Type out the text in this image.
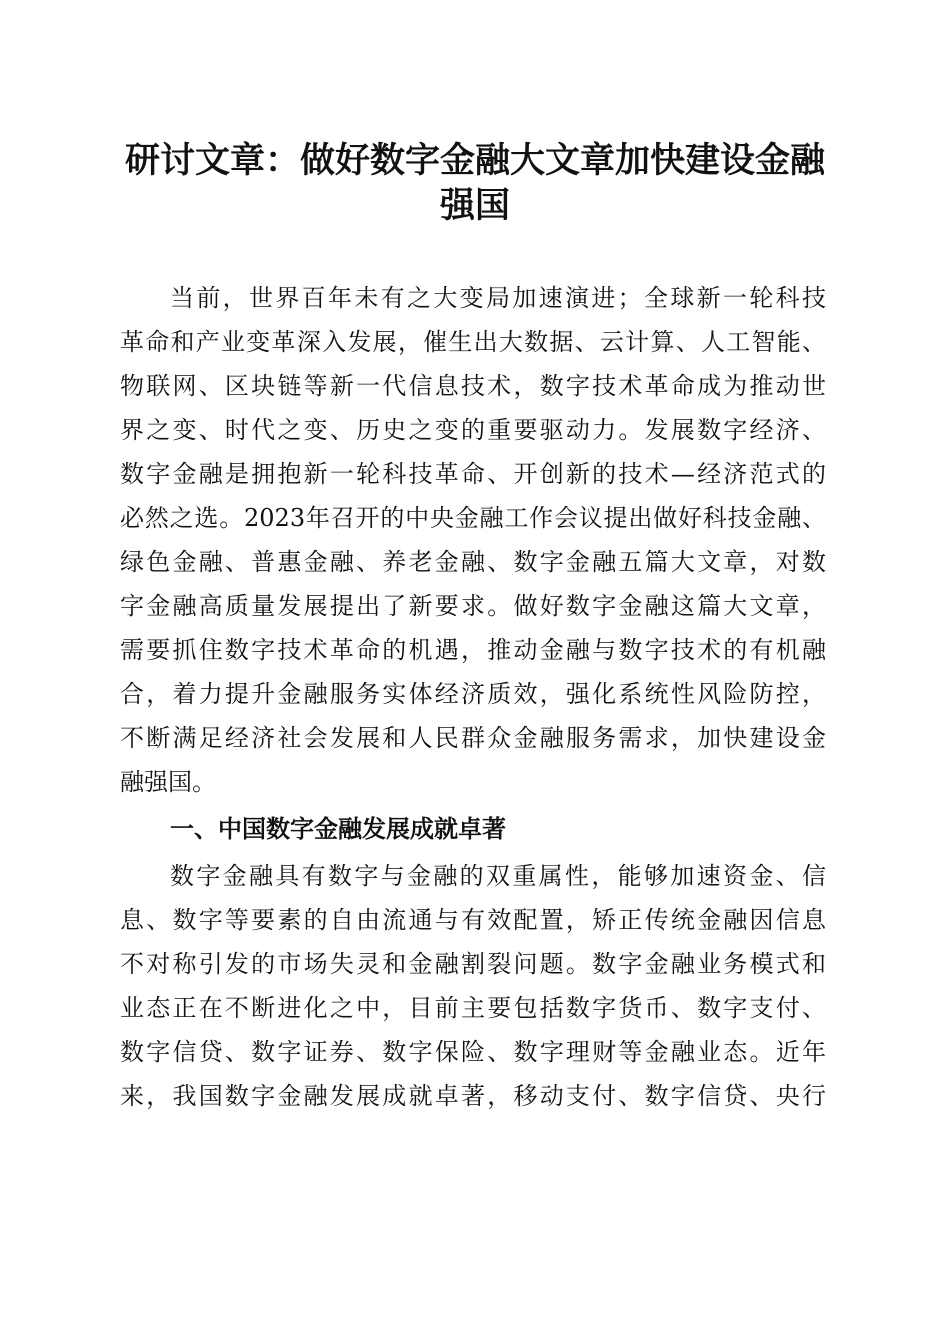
研讨文章：做好数字金融大文章加快建设金融
强国
当前，世界百年未有之大变局加速演进；全球新一轮科技
革命和产业变革深入发展，催生出大数据、云计算、人工智能、
物联网、区块链等新一代信息技术，数字技术革命成为推动世
界之变、时代之变、历史之变的重要驱动力。发展数字经济、
数字金融是拥抱新一轮科技革命、开创新的技术—经济范式的
必然之选。2023年召开的中央金融工作会议提出做好科技金融、
绿色金融、普惠金融、养老金融、数字金融五篇大文章，对数
字金融高质量发展提出了新要求。做好数字金融这篇大文章，
需要抓住数字技术革命的机遇，推动金融与数字技术的有机融
合，着力提升金融服务实体经济质效，强化系统性风险防控，
不断满足经济社会发展和人民群众金融服务需求，加快建设金
融强国。
一、中国数字金融发展成就卓著
数字金融具有数字与金融的双重属性，能够加速资金、信
息、数字等要素的自由流通与有效配置，矫正传统金融因信息
不对称引发的市场失灵和金融割裂问题。数字金融业务模式和
业态正在不断进化之中，目前主要包括数字货币、数字支付、
数字信贷、数字证券、数字保险、数字理财等金融业态。近年
来，我国数字金融发展成就卓著，移动支付、数字信贷、央行
